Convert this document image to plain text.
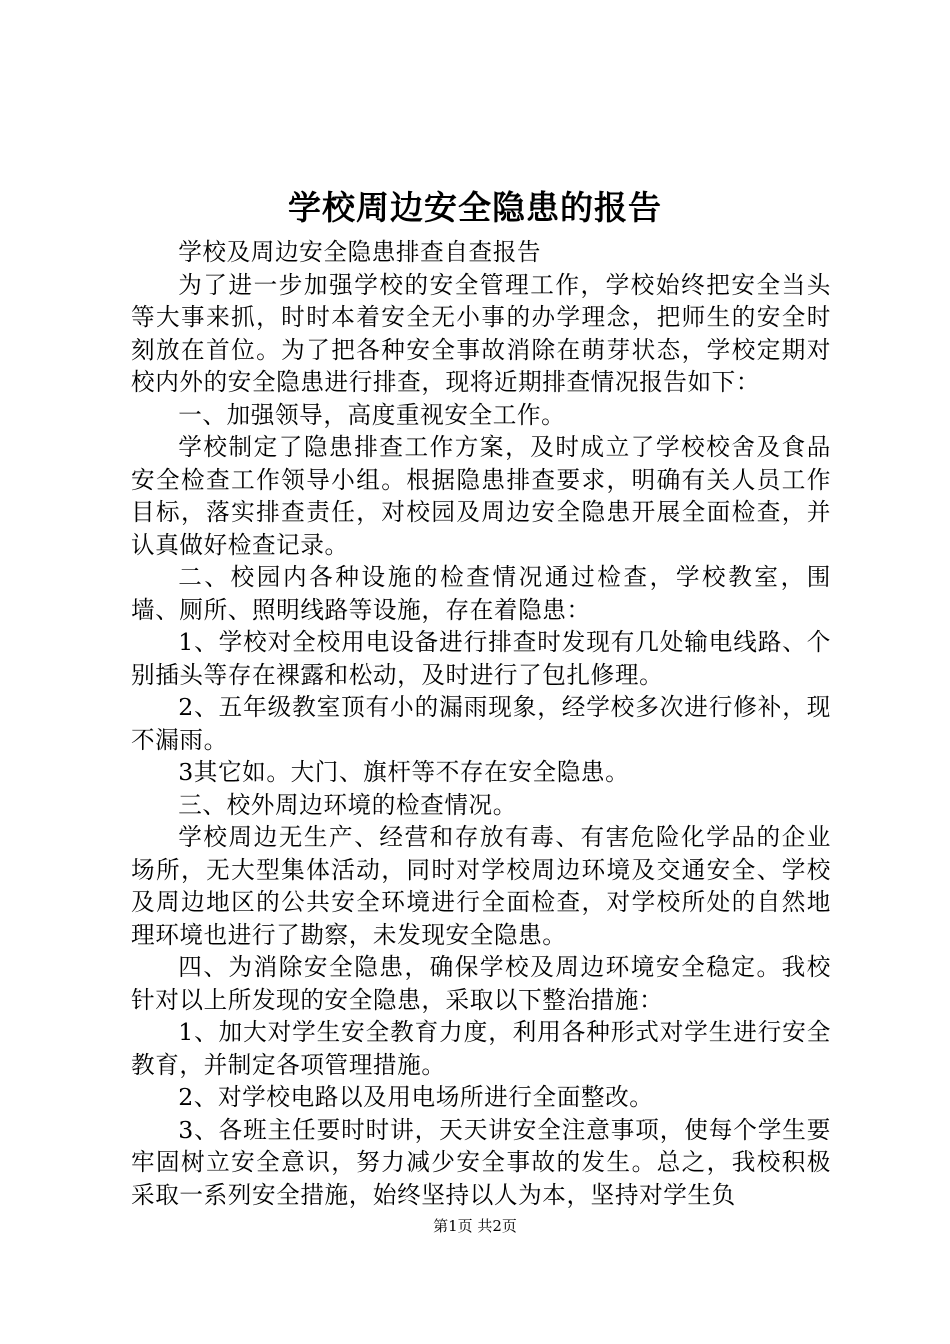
学校周边安全隐患的报告

学校及周边安全隐患排查自查报告

为了进一步加强学校的安全管理工作，学校始终把安全当头等大事来抓，时时本着安全无小事的办学理念，把师生的安全时刻放在首位。为了把各种安全事故消除在萌芽状态，学校定期对校内外的安全隐患进行排查，现将近期排查情况报告如下：

一、加强领导，高度重视安全工作。

学校制定了隐患排查工作方案，及时成立了学校校舍及食品安全检查工作领导小组。根据隐患排查要求，明确有关人员工作目标，落实排查责任，对校园及周边安全隐患开展全面检查，并认真做好检查记录。

二、校园内各种设施的检查情况通过检查，学校教室，围墙、厕所、照明线路等设施，存在着隐患：

1、学校对全校用电设备进行排查时发现有几处输电线路、个别插头等存在裸露和松动，及时进行了包扎修理。

2、五年级教室顶有小的漏雨现象，经学校多次进行修补，现不漏雨。

3其它如。大门、旗杆等不存在安全隐患。

三、校外周边环境的检查情况。

学校周边无生产、经营和存放有毒、有害危险化学品的企业场所，无大型集体活动，同时对学校周边环境及交通安全、学校及周边地区的公共安全环境进行全面检查，对学校所处的自然地理环境也进行了勘察，未发现安全隐患。

四、为消除安全隐患，确保学校及周边环境安全稳定。我校针对以上所发现的安全隐患，采取以下整治措施：

1、加大对学生安全教育力度，利用各种形式对学生进行安全教育，并制定各项管理措施。

2、对学校电路以及用电场所进行全面整改。

3、各班主任要时时讲，天天讲安全注意事项，使每个学生要牢固树立安全意识，努力减少安全事故的发生。总之，我校积极采取一系列安全措施，始终坚持以人为本，坚持对学生负

第1页 共2页
